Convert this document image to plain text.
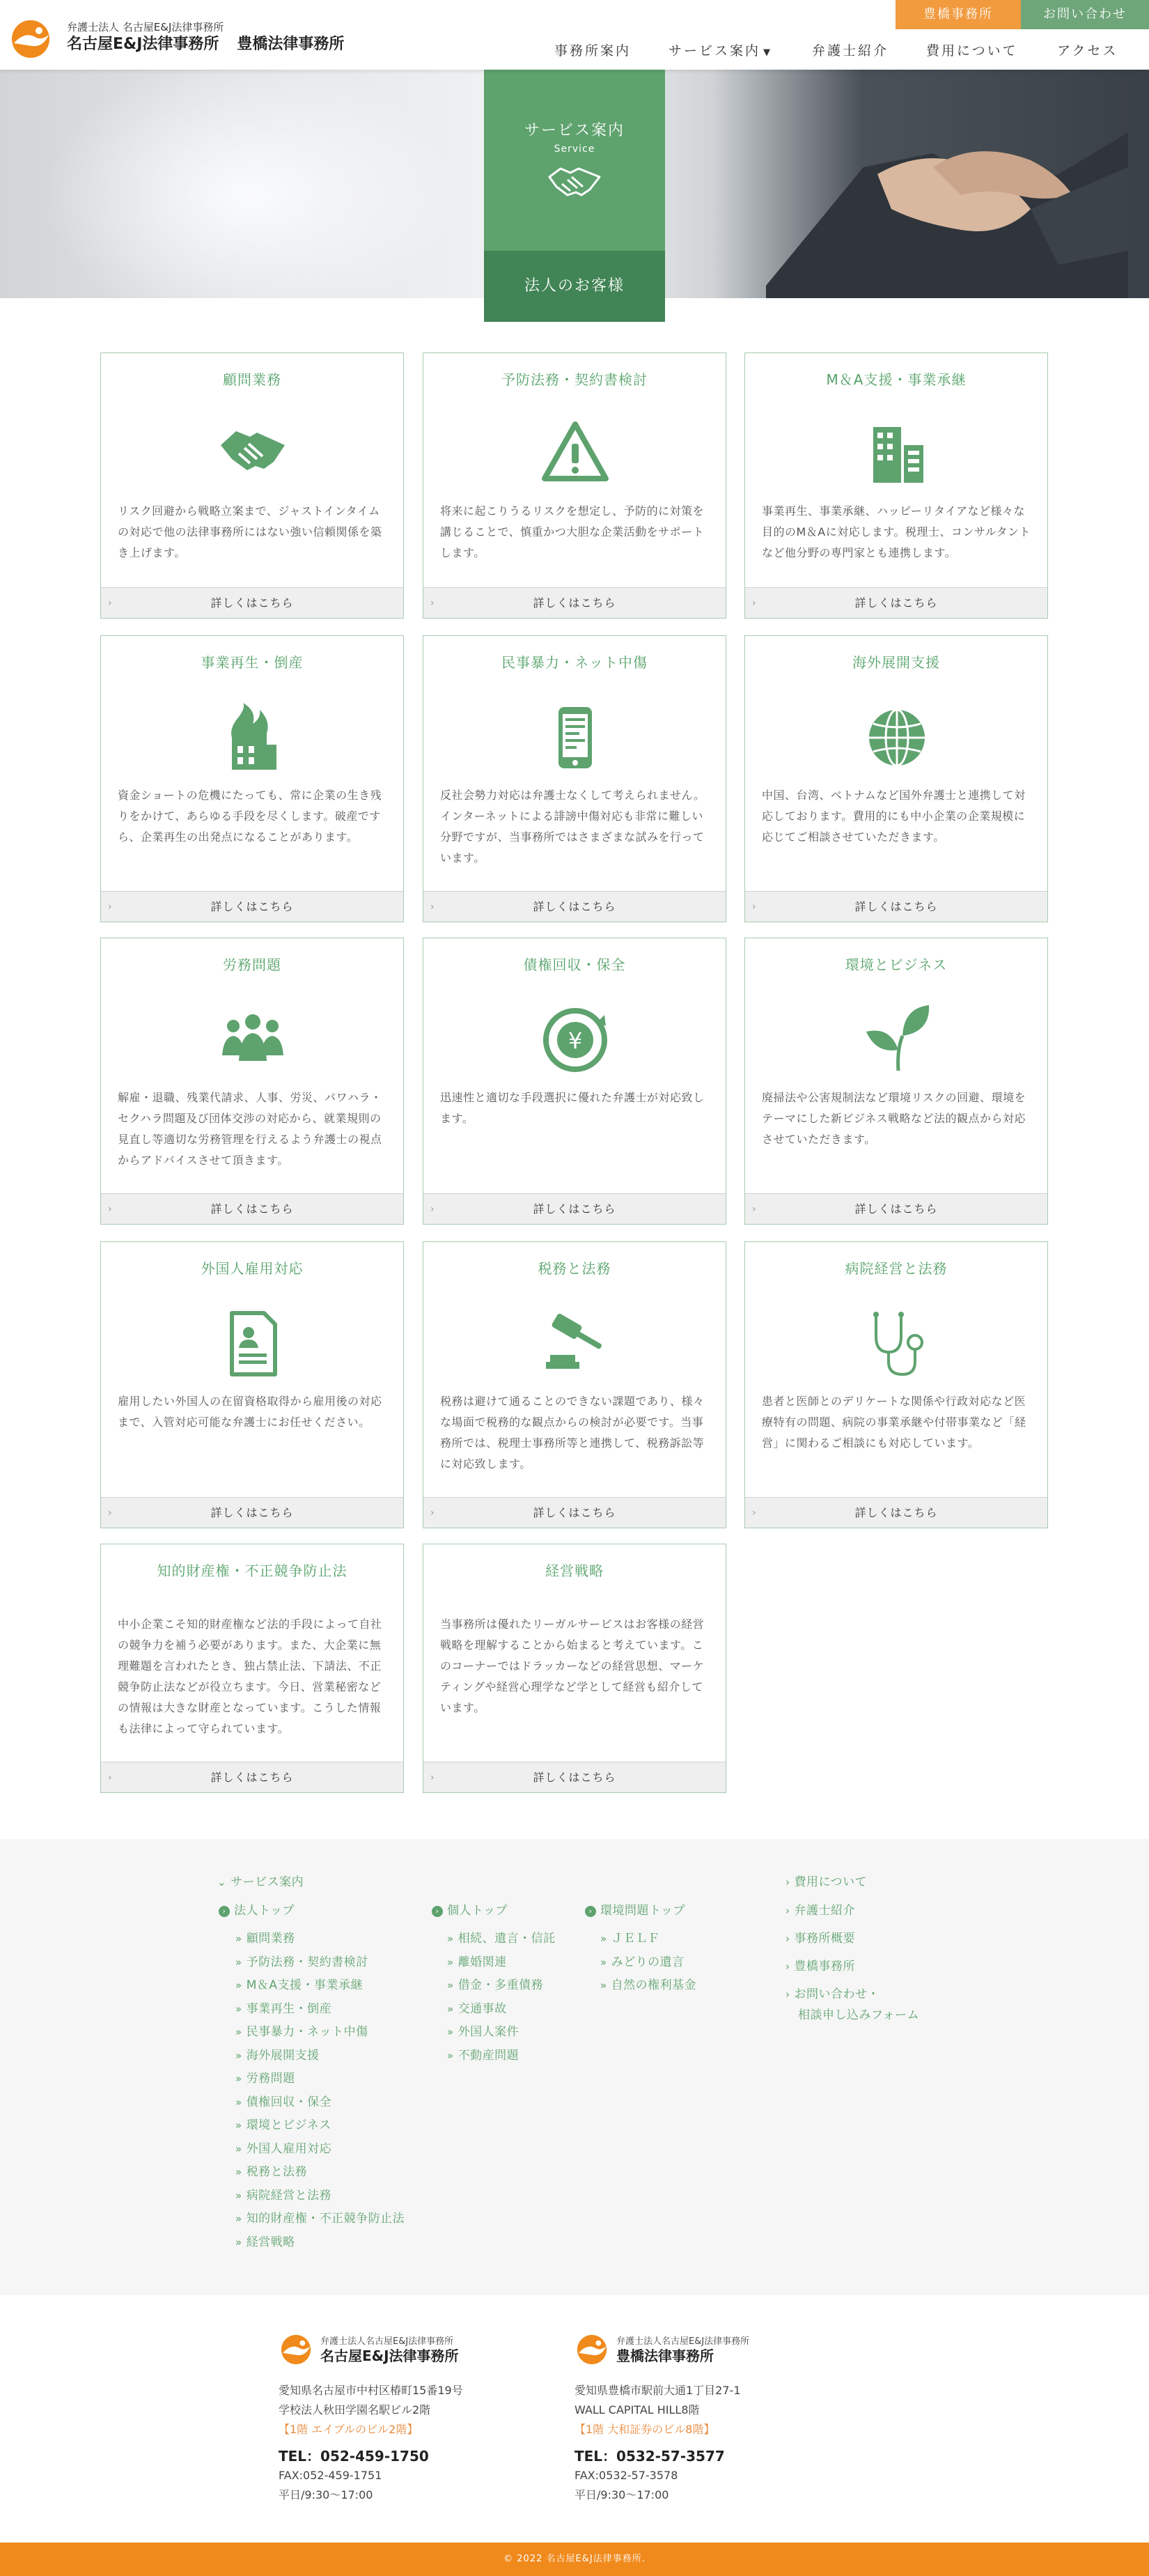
弁護士法人 名古屋E&J法律事務所
名古屋E&J法律事務所 豊橋法律事務所
豊橋事務所	お問い合わせ
事務所案内	サービス案内 ▼	弁護士紹介	費用について	アクセス
サービス案内
Service
法人のお客様
顧問業務
リスク回避から戦略立案まで、ジャストインタイムの対応で他の法律事務所にはない強い信頼関係を築き上げます。
›	詳しくはこちら
予防法務・契約書検討
将来に起こりうるリスクを想定し、予防的に対策を講じることで、慎重かつ大胆な企業活動をサポートします。
›	詳しくはこちら
M＆A支援・事業承継
事業再生、事業承継、ハッピーリタイアなど様々な目的のM＆Aに対応します。税理士、コンサルタントなど他分野の専門家とも連携します。
›	詳しくはこちら
事業再生・倒産
資金ショートの危機にたっても、常に企業の生き残りをかけて、あらゆる手段を尽くします。破産ですら、企業再生の出発点になることがあります。
›	詳しくはこちら
民事暴力・ネット中傷
反社会勢力対応は弁護士なくして考えられません。インターネットによる誹謗中傷対応も非常に難しい分野ですが、当事務所ではさまざまな試みを行っています。
›	詳しくはこちら
海外展開支援
中国、台湾、ベトナムなど国外弁護士と連携して対応しております。費用的にも中小企業の企業規模に応じてご相談させていただきます。
›	詳しくはこちら
労務問題
解雇・退職、残業代請求、人事、労災、パワハラ・セクハラ問題及び団体交渉の対応から、就業規則の見直し等適切な労務管理を行えるよう弁護士の視点からアドバイスさせて頂きます。
›	詳しくはこちら
債権回収・保全
¥
迅速性と適切な手段選択に優れた弁護士が対応致します。
›	詳しくはこちら
環境とビジネス
廃掃法や公害規制法など環境リスクの回避、環境をテーマにした新ビジネス戦略など法的観点から対応させていただきます。
›	詳しくはこちら
外国人雇用対応
雇用したい外国人の在留資格取得から雇用後の対応まで、入管対応可能な弁護士にお任せください。
›	詳しくはこちら
税務と法務
税務は避けて通ることのできない課題であり、様々な場面で税務的な観点からの検討が必要です。当事務所では、税理士事務所等と連携して、税務訴訟等に対応致します。
›	詳しくはこちら
病院経営と法務
患者と医師とのデリケートな関係や行政対応など医療特有の問題、病院の事業承継や付帯事業など「経営」に関わるご相談にも対応しています。
›	詳しくはこちら
知的財産権・不正競争防止法
中小企業こそ知的財産権など法的手段によって自社の競争力を補う必要があります。また、大企業に無理難題を言われたとき、独占禁止法、下請法、不正競争防止法などが役立ちます。今日、営業秘密などの情報は大きな財産となっています。こうした情報も法律によって守られています。
›	詳しくはこちら
経営戦略
当事務所は優れたリーガルサービスはお客様の経営戦略を理解することから始まると考えています。このコーナーではドラッカーなどの経営思想、マーケティングや経営心理学など学として経営も紹介しています。
›	詳しくはこちら
⌄ サービス案内
› 法人トップ
» 顧問業務
» 予防法務・契約書検討
» M＆A支援・事業承継
» 事業再生・倒産
» 民事暴力・ネット中傷
» 海外展開支援
» 労務問題
» 債権回収・保全
» 環境とビジネス
» 外国人雇用対応
» 税務と法務
» 病院経営と法務
» 知的財産権・不正競争防止法
» 経営戦略
› 個人トップ
» 相続、遺言・信託
» 離婚関連
» 借金・多重債務
» 交通事故
» 外国人案件
» 不動産問題
› 環境問題トップ
» ＪＥＬＦ
» みどりの遺言
» 自然の権利基金
› 費用について
› 弁護士紹介
› 事務所概要
› 豊橋事務所
› お問い合わせ・
相談申し込みフォーム
弁護士法人名古屋E&J法律事務所
名古屋E&J法律事務所
愛知県名古屋市中村区椿町15番19号
学校法人秋田学園名駅ビル2階
【1階 エイブルのビル2階】
TEL：052-459-1750
FAX:052-459-1751
平日/9:30〜17:00
弁護士法人名古屋E&J法律事務所
豊橋法律事務所
愛知県豊橋市駅前大通1丁目27-1
WALL CAPITAL HILL8階
【1階 大和証券のビル8階】
TEL：0532-57-3577
FAX:0532-57-3578
平日/9:30〜17:00
© 2022 名古屋E&J法律事務所.
